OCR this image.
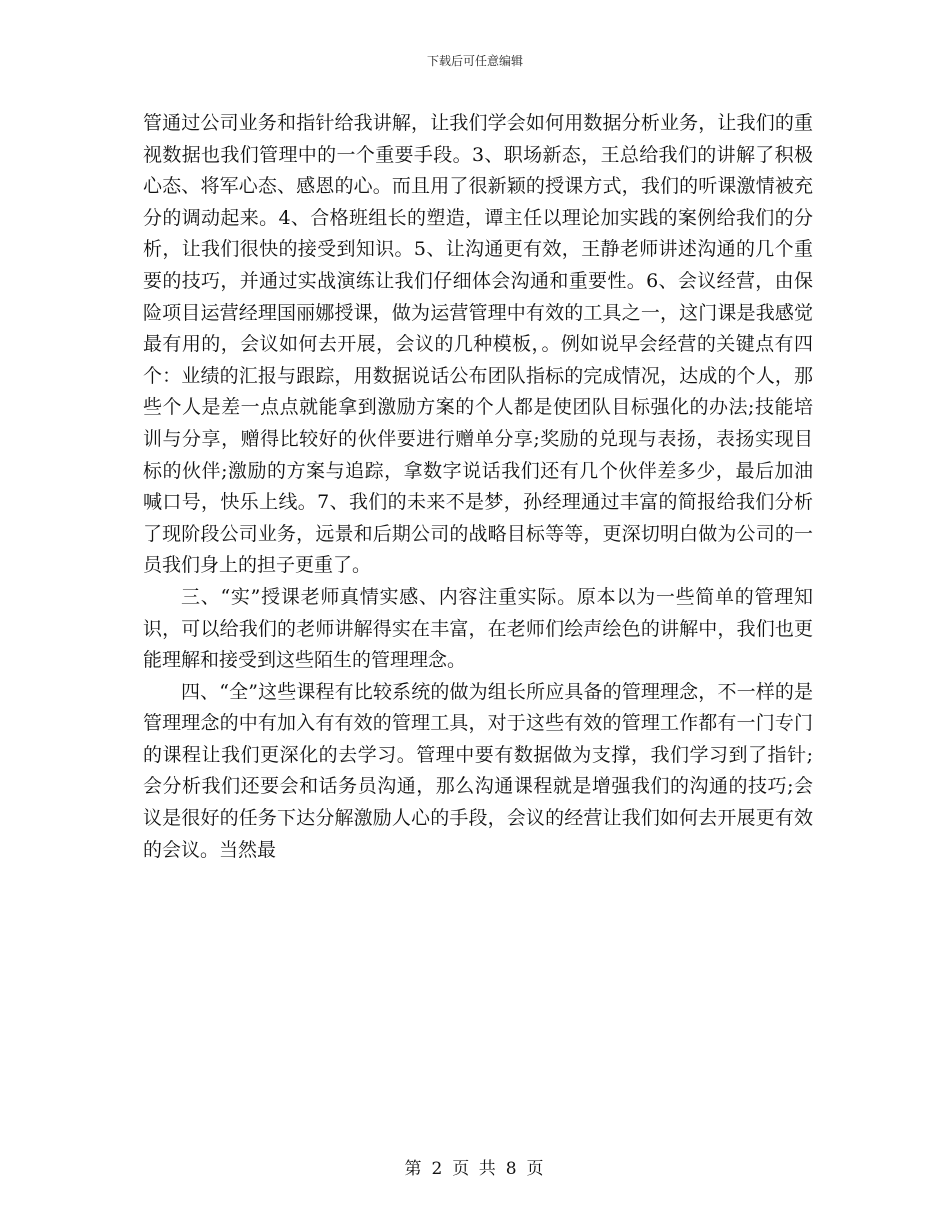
下载后可任意编辑

管通过公司业务和指针给我讲解，让我们学会如何用数据分析业务，让我们的重视数据也我们管理中的一个重要手段。3、职场新态，王总给我们的讲解了积极心态、将军心态、感恩的心。而且用了很新颖的授课方式，我们的听课激情被充分的调动起来。4、合格班组长的塑造，谭主任以理论加实践的案例给我们的分析，让我们很快的接受到知识。5、让沟通更有效，王静老师讲述沟通的几个重要的技巧，并通过实战演练让我们仔细体会沟通和重要性。6、会议经营，由保险项目运营经理国丽娜授课，做为运营管理中有效的工具之一，这门课是我感觉最有用的，会议如何去开展，会议的几种模板，。例如说早会经营的关键点有四个：业绩的汇报与跟踪，用数据说话公布团队指标的完成情况，达成的个人，那些个人是差一点点就能拿到激励方案的个人都是使团队目标强化的办法;技能培训与分享，赠得比较好的伙伴要进行赠单分享;奖励的兑现与表扬，表扬实现目标的伙伴;激励的方案与追踪，拿数字说话我们还有几个伙伴差多少，最后加油喊口号，快乐上线。7、我们的未来不是梦，孙经理通过丰富的简报给我们分析了现阶段公司业务，远景和后期公司的战略目标等等，更深切明白做为公司的一员我们身上的担子更重了。

三、“实”授课老师真情实感、内容注重实际。原本以为一些简单的管理知识，可以给我们的老师讲解得实在丰富，在老师们绘声绘色的讲解中，我们也更能理解和接受到这些陌生的管理理念。

四、“全”这些课程有比较系统的做为组长所应具备的管理理念，不一样的是管理理念的中有加入有有效的管理工具，对于这些有效的管理工作都有一门专门的课程让我们更深化的去学习。管理中要有数据做为支撑，我们学习到了指针;会分析我们还要会和话务员沟通，那么沟通课程就是增强我们的沟通的技巧;会议是很好的任务下达分解激励人心的手段，会议的经营让我们如何去开展更有效的会议。当然最

第 2 页 共 8 页
